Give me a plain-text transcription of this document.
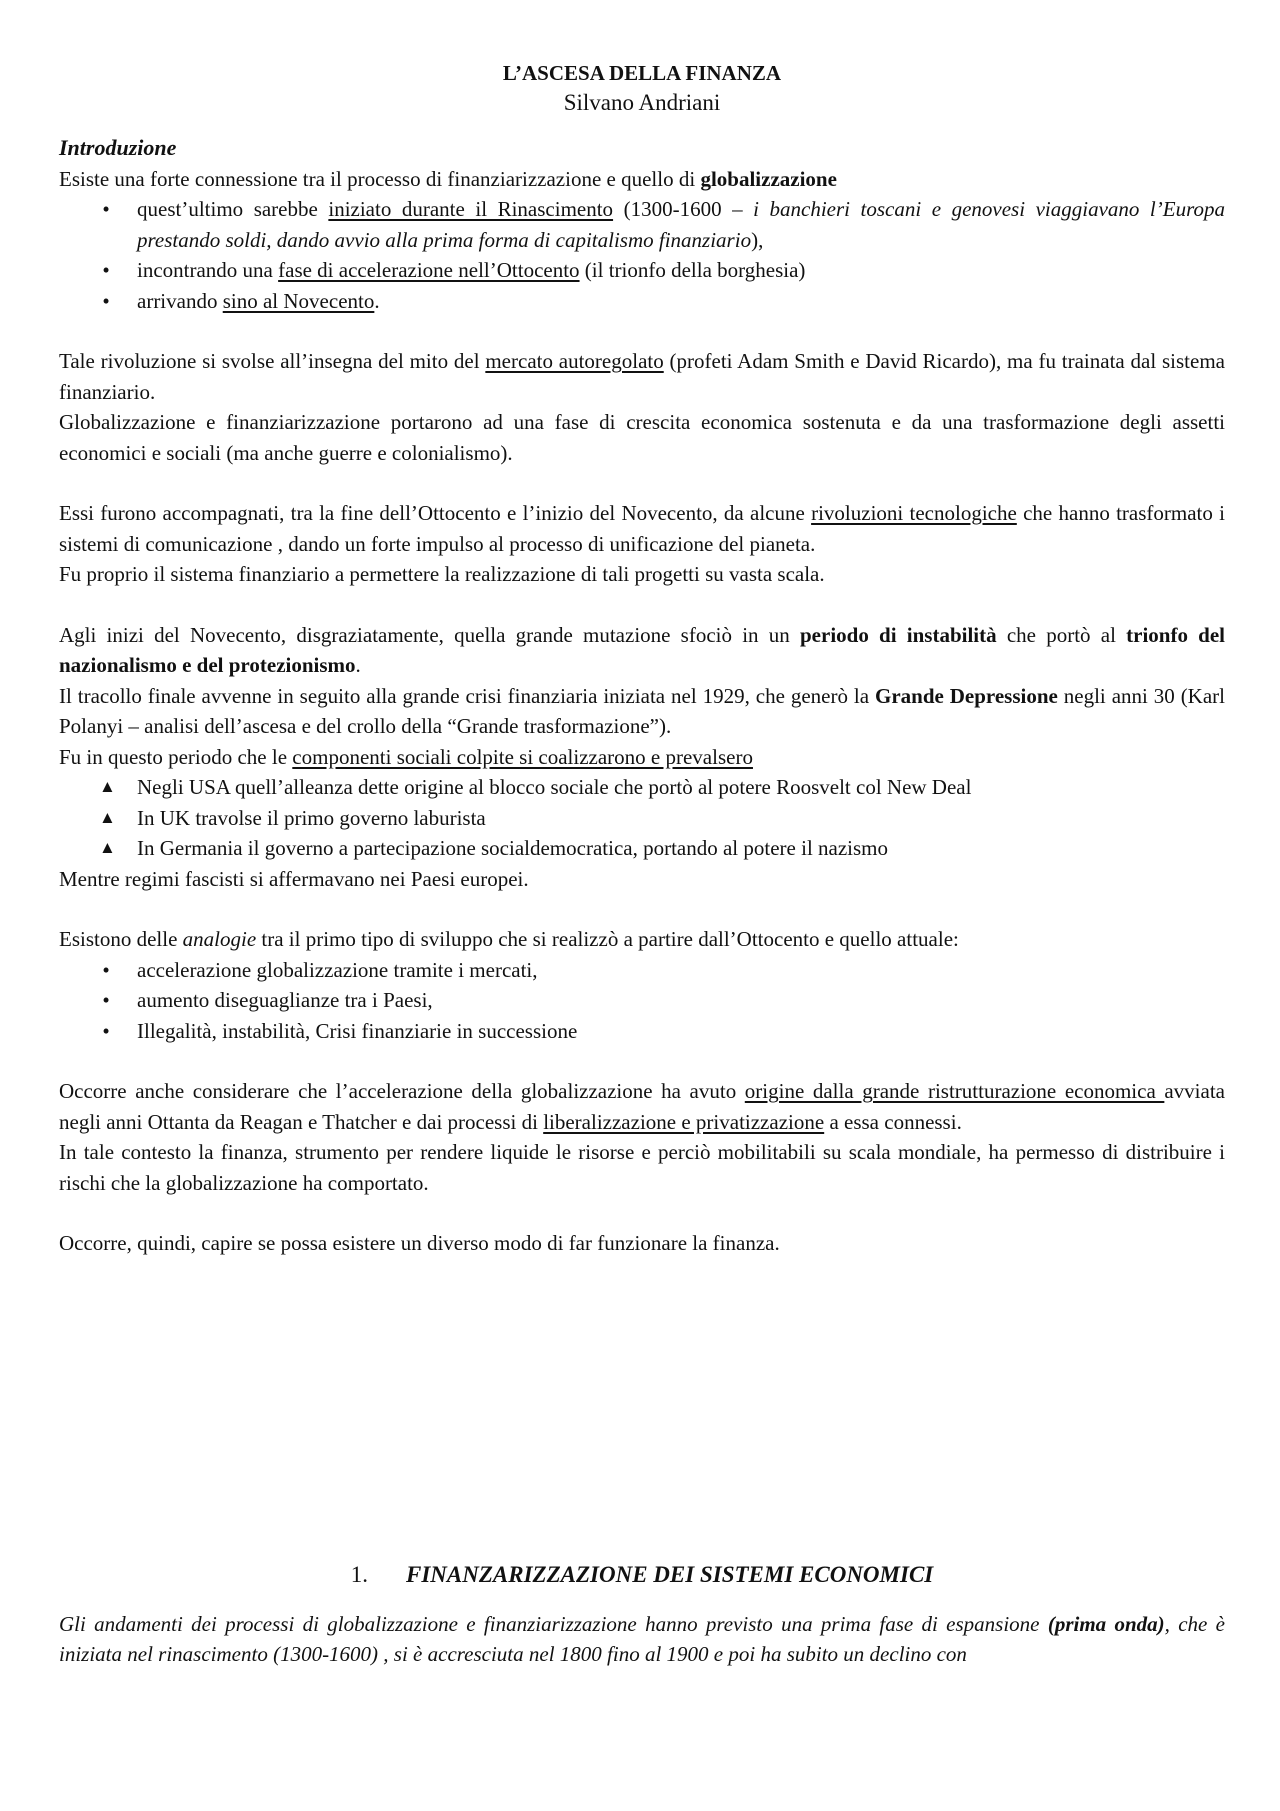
L’ASCESA DELLA FINANZA
Silvano Andriani
Introduzione

Esiste una forte connessione tra il processo di finanziarizzazione e quello di globalizzazione

• quest’ultimo sarebbe iniziato durante il Rinascimento (1300-1600 – i banchieri toscani e genovesi viaggiavano l’Europa prestando soldi, dando avvio alla prima forma di capitalismo finanziario),
• incontrando una fase di accelerazione nell’Ottocento (il trionfo della borghesia)
• arrivando sino al Novecento.

Tale rivoluzione si svolse all’insegna del mito del mercato autoregolato (profeti Adam Smith e David Ricardo), ma fu trainata dal sistema finanziario.

Globalizzazione e finanziarizzazione portarono ad una fase di crescita economica sostenuta e da una trasformazione degli assetti economici e sociali (ma anche guerre e colonialismo).

Essi furono accompagnati, tra la fine dell’Ottocento e l’inizio del Novecento, da alcune rivoluzioni tecnologiche che hanno trasformato i sistemi di comunicazione , dando un forte impulso al processo di unificazione del pianeta.

Fu proprio il sistema finanziario a permettere la realizzazione di tali progetti su vasta scala.

Agli inizi del Novecento, disgraziatamente, quella grande mutazione sfociò in un periodo di instabilità che portò al trionfo del nazionalismo e del protezionismo.

Il tracollo finale avvenne in seguito alla grande crisi finanziaria iniziata nel 1929, che generò la Grande Depressione negli anni 30 (Karl Polanyi – analisi dell’ascesa e del crollo della “Grande trasformazione”).

Fu in questo periodo che le componenti sociali colpite si coalizzarono e prevalsero

▲ Negli USA quell’alleanza dette origine al blocco sociale che portò al potere Roosvelt col New Deal
▲ In UK travolse il primo governo laburista
▲ In Germania il governo a partecipazione socialdemocratica, portando al potere il nazismo

Mentre regimi fascisti si affermavano nei Paesi europei.

Esistono delle analogie tra il primo tipo di sviluppo che si realizzò a partire dall’Ottocento e quello attuale:

• accelerazione globalizzazione tramite i mercati,
• aumento diseguaglianze tra i Paesi,
• Illegalità, instabilità, Crisi finanziarie in successione

Occorre anche considerare che l’accelerazione della globalizzazione ha avuto origine dalla grande ristrutturazione economica avviata negli anni Ottanta da Reagan e Thatcher e dai processi di liberalizzazione e privatizzazione a essa connessi.

In tale contesto la finanza, strumento per rendere liquide le risorse e perciò mobilitabili su scala mondiale, ha permesso di distribuire i rischi che la globalizzazione ha comportato.

Occorre, quindi, capire se possa esistere un diverso modo di far funzionare la finanza.

1. FINANZARIZZAZIONE DEI SISTEMI ECONOMICI

Gli andamenti dei processi di globalizzazione e finanziarizzazione hanno previsto una prima fase di espansione (prima onda), che è iniziata nel rinascimento (1300-1600) , si è accresciuta nel 1800 fino al 1900 e poi ha subito un declino con
